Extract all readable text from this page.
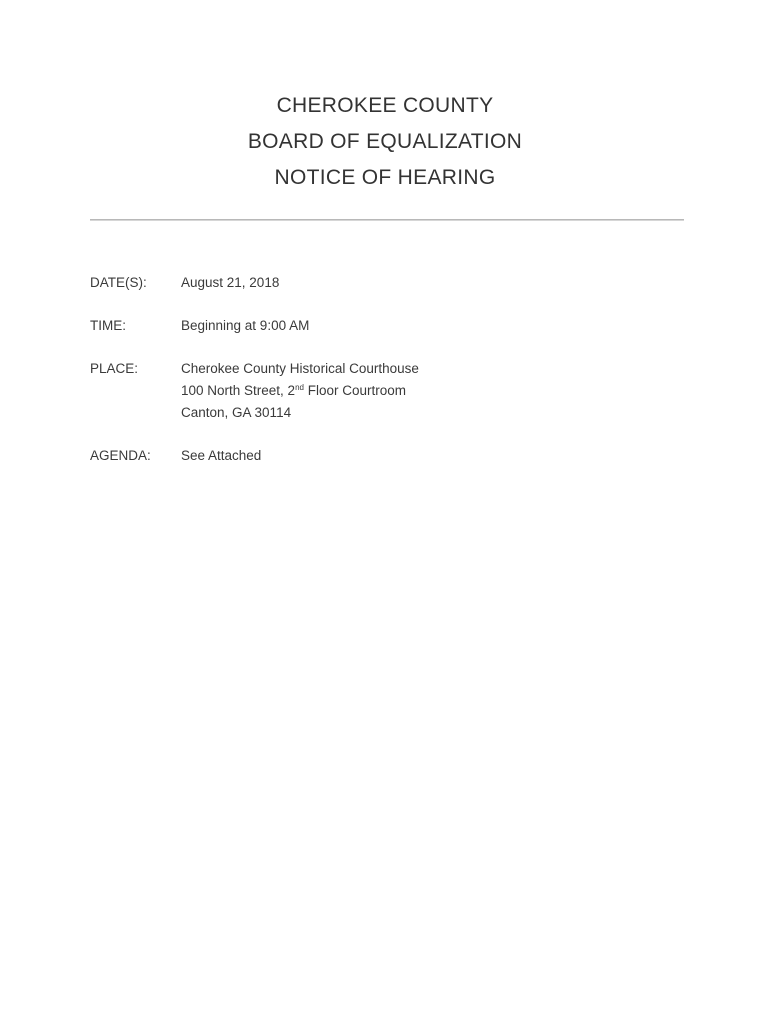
CHEROKEE COUNTY
BOARD OF EQUALIZATION
NOTICE OF HEARING
DATE(S):	August 21, 2018
TIME:	Beginning at 9:00 AM
PLACE:	Cherokee County Historical Courthouse
100 North Street, 2nd Floor Courtroom
Canton, GA 30114
AGENDA:	See Attached
